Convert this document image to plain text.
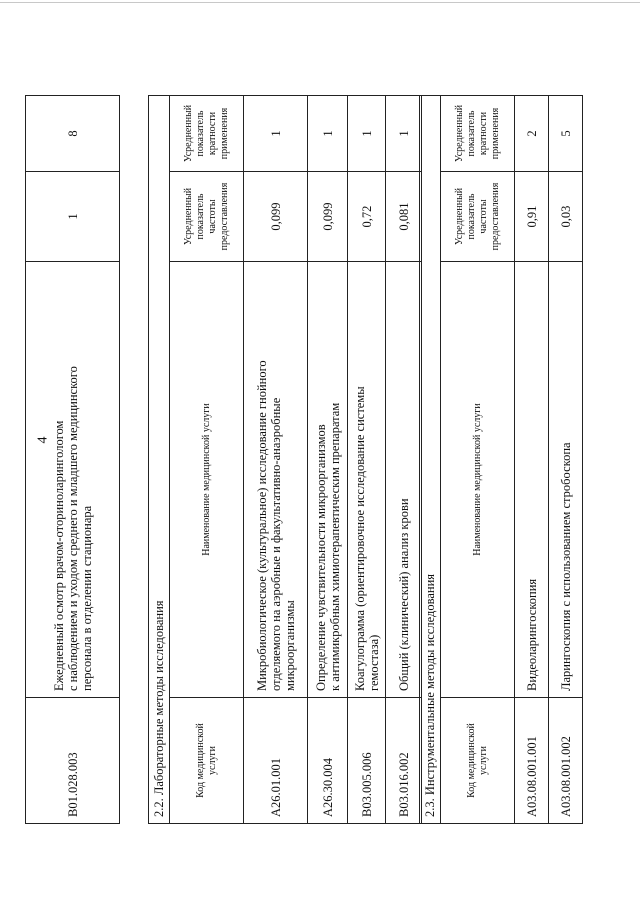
4
B01.028.003	Ежедневный осмотр врачом-оториноларингологом
с наблюдением и уходом среднего и младшего медицинского
персонала в отделении стационара	1	8
2.2. Лабораторные методы исследования			
Код медицинской
услуги	Наименование медицинской услуги	Усредненный
показатель частоты
предоставления	Усредненный
показатель
кратности
применения
A26.01.001	Микробиологическое (культуральное) исследование гнойного
отделяемого на аэробные и факультативно-анаэробные
микроорганизмы	0,099	1
A26.30.004	Определение чувствительности микроорганизмов
к антимикробным химиотерапевтическим препаратам	0,099	1
B03.005.006	Коагулограмма (ориентировочное исследование системы
гемостаза)	0,72	1
B03.016.002	Общий (клинический) анализ крови	0,081	1
2.3. Инструментальные методы исследования			
Код медицинской
услуги	Наименование медицинской услуги	Усредненный
показатель частоты
предоставления	Усредненный
показатель
кратности
применения
A03.08.001.001	Видеоларингоскопия	0,91	2
A03.08.001.002	Ларингоскопия с использованием стробоскопа	0,03	5
